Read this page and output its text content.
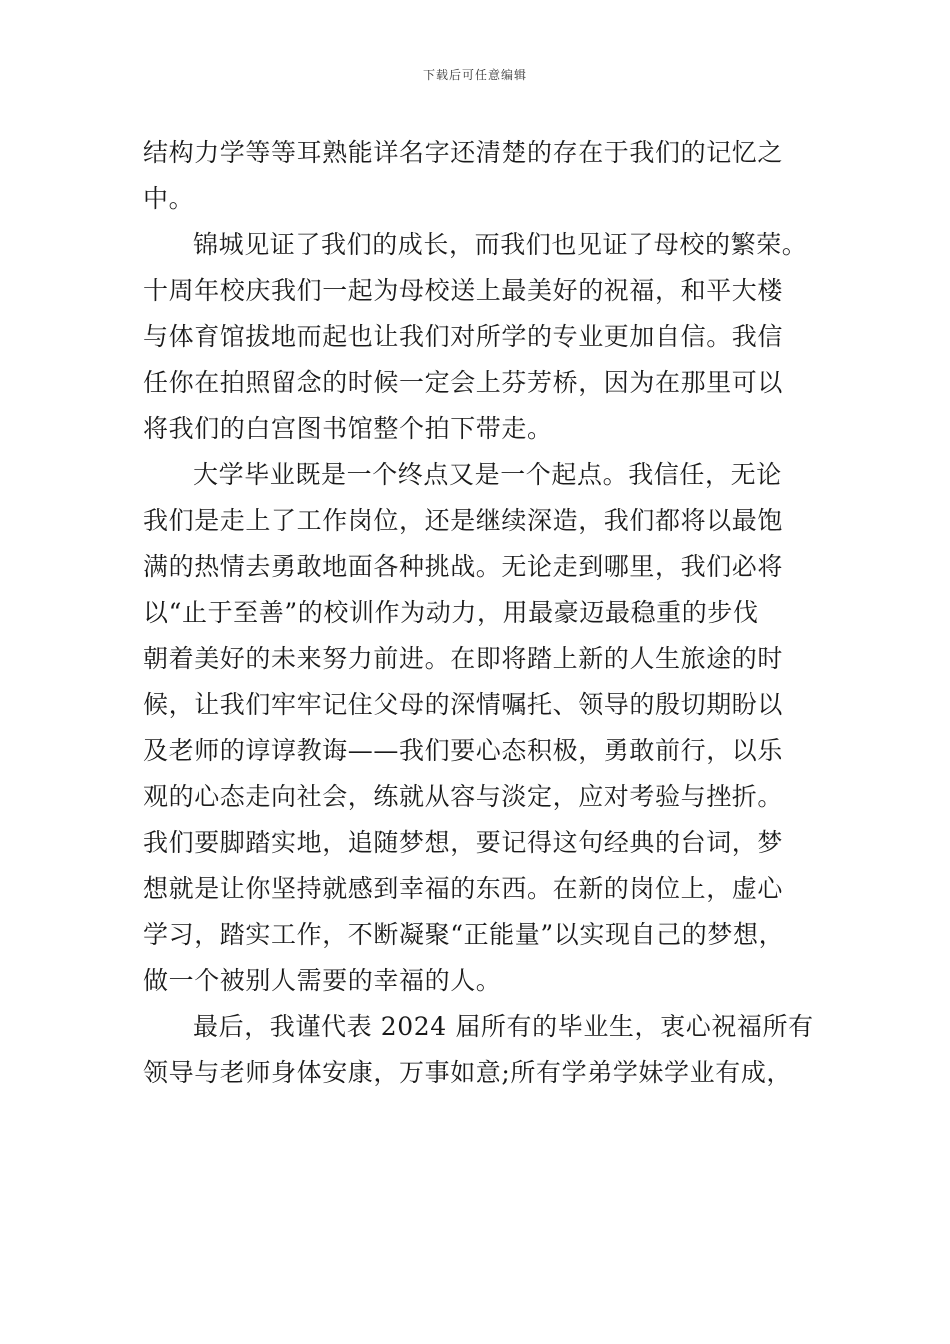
下载后可任意编辑
结构力学等等耳熟能详名字还清楚的存在于我们的记忆之
中。
锦城见证了我们的成长，而我们也见证了母校的繁荣。
十周年校庆我们一起为母校送上最美好的祝福，和平大楼
与体育馆拔地而起也让我们对所学的专业更加自信。我信
任你在拍照留念的时候一定会上芬芳桥，因为在那里可以
将我们的白宫图书馆整个拍下带走。
大学毕业既是一个终点又是一个起点。我信任，无论
我们是走上了工作岗位，还是继续深造，我们都将以最饱
满的热情去勇敢地面各种挑战。无论走到哪里，我们必将
以“止于至善”的校训作为动力，用最豪迈最稳重的步伐
朝着美好的未来努力前进。在即将踏上新的人生旅途的时
候，让我们牢牢记住父母的深情嘱托、领导的殷切期盼以
及老师的谆谆教诲——我们要心态积极，勇敢前行，以乐
观的心态走向社会，练就从容与淡定，应对考验与挫折。
我们要脚踏实地，追随梦想，要记得这句经典的台词，梦
想就是让你坚持就感到幸福的东西。在新的岗位上，虚心
学习，踏实工作，不断凝聚“正能量”以实现自己的梦想，
做一个被别人需要的幸福的人。
最后，我谨代表 2024 届所有的毕业生，衷心祝福所有
领导与老师身体安康，万事如意;所有学弟学妹学业有成，
